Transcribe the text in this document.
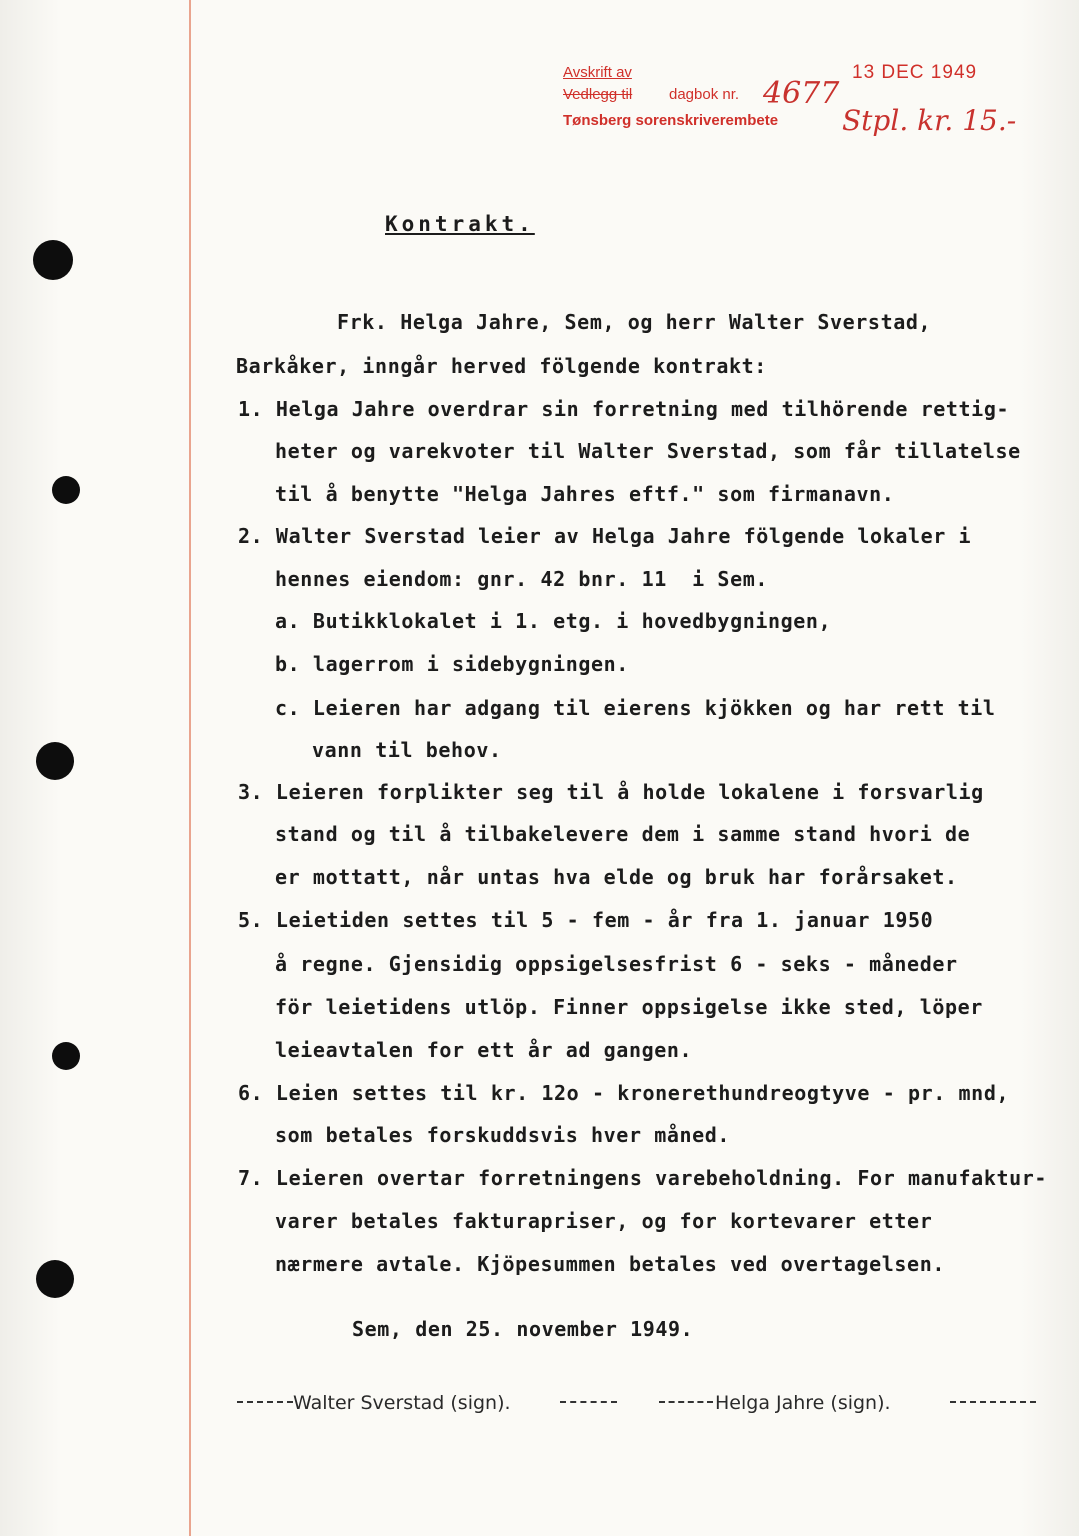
Avskrift av
Vedlegg til dagbok nr.
Tønsberg sorenskriverembete
13 DEC 1949
4677
Stpl. kr. 15.-
Kontrakt.
Frk. Helga Jahre, Sem, og herr Walter Sverstad,
Barkåker, inngår herved fölgende kontrakt:
1. Helga Jahre overdrar sin forretning med tilhörende rettig-
heter og varekvoter til Walter Sverstad, som får tillatelse
til å benytte "Helga Jahres eftf." som firmanavn.
2. Walter Sverstad leier av Helga Jahre fölgende lokaler i
hennes eiendom: gnr. 42 bnr. 11  i Sem.
a. Butikklokalet i 1. etg. i hovedbygningen,
b. lagerrom i sidebygningen.
c. Leieren har adgang til eierens kjökken og har rett til
vann til behov.
3. Leieren forplikter seg til å holde lokalene i forsvarlig
stand og til å tilbakelevere dem i samme stand hvori de
er mottatt, når untas hva elde og bruk har forårsaket.
5. Leietiden settes til 5 - fem - år fra 1. januar 1950
å regne. Gjensidig oppsigelsesfrist 6 - seks - måneder
för leietidens utlöp. Finner oppsigelse ikke sted, löper
leieavtalen for ett år ad gangen.
6. Leien settes til kr. 12o - kronerethundreogtyve - pr. mnd,
som betales forskuddsvis hver måned.
7. Leieren overtar forretningens varebeholdning. For manufaktur-
varer betales fakturapriser, og for kortevarer etter
nærmere avtale. Kjöpesummen betales ved overtagelsen.
Sem, den 25. november 1949.
Walter Sverstad (sign).	Helga Jahre (sign).
